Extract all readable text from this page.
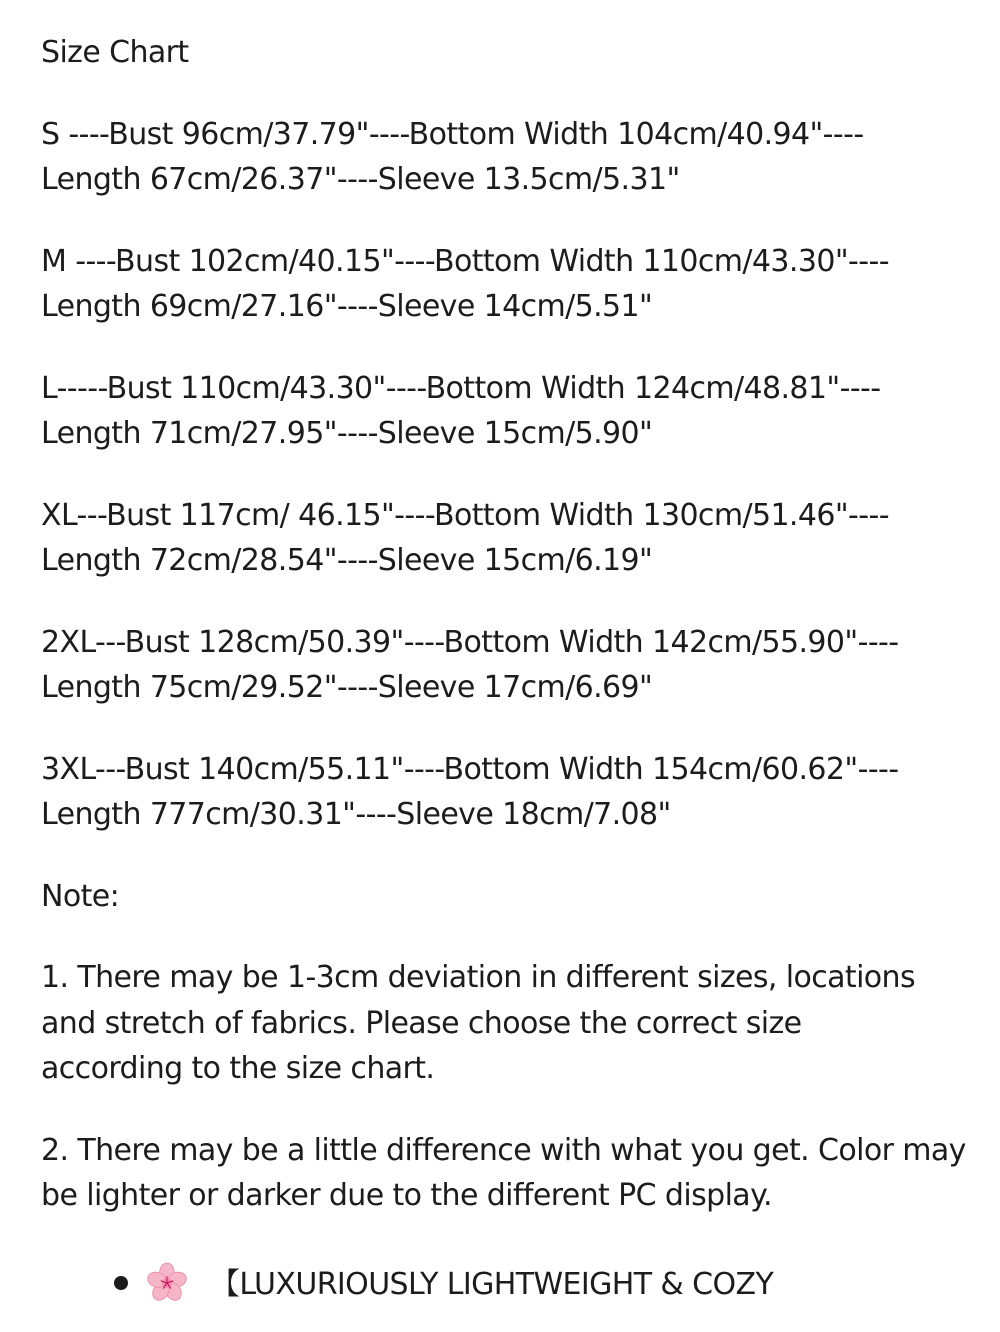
Size Chart
S ----Bust 96cm/37.79"----Bottom Width 104cm/40.94"----
Length 67cm/26.37"----Sleeve 13.5cm/5.31"
M ----Bust 102cm/40.15"----Bottom Width 110cm/43.30"----
Length 69cm/27.16"----Sleeve 14cm/5.51"
L-----Bust 110cm/43.30"----Bottom Width 124cm/48.81"----
Length 71cm/27.95"----Sleeve 15cm/5.90"
XL---Bust 117cm/ 46.15"----Bottom Width 130cm/51.46"----
Length 72cm/28.54"----Sleeve 15cm/6.19"
2XL---Bust 128cm/50.39"----Bottom Width 142cm/55.90"----
Length 75cm/29.52"----Sleeve 17cm/6.69"
3XL---Bust 140cm/55.11"----Bottom Width 154cm/60.62"----
Length 777cm/30.31"----Sleeve 18cm/7.08"
Note:
1. There may be 1-3cm deviation in different sizes, locations
and stretch of fabrics. Please choose the correct size
according to the size chart.
2. There may be a little difference with what you get. Color may
be lighter or darker due to the different PC display.
【LUXURIOUSLY LIGHTWEIGHT & COZY
